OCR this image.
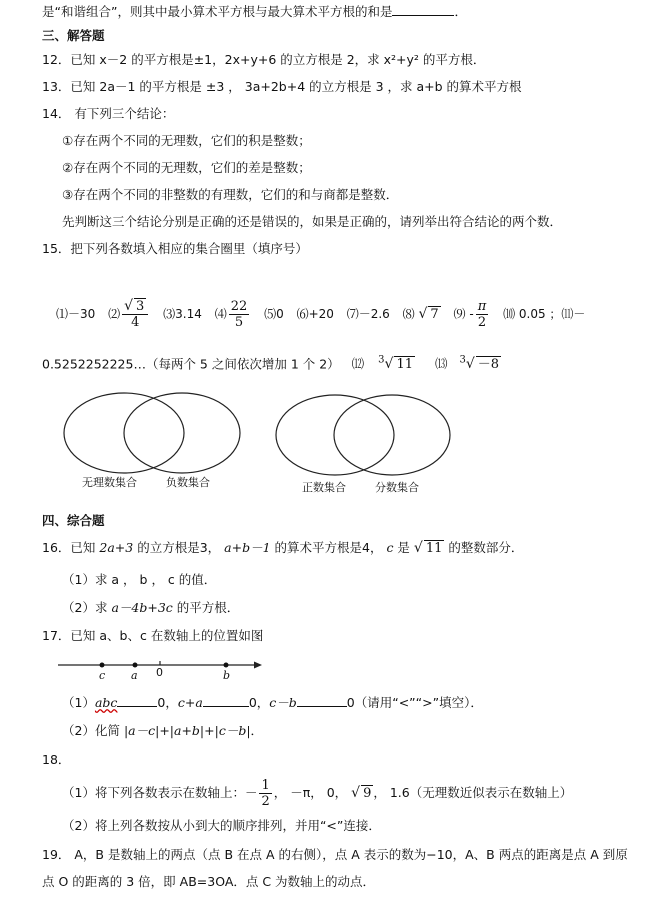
是“和谐组合”，则其中最小算术平方根与最大算术平方根的和是	．
三、解答题
12．已知 x－2 的平方根是±1，2x+y+6 的立方根是 2，求 x²+y² 的平方根．
13．已知 2a－1 的平方根是 ±3 ， 3a+2b+4 的立方根是 3 ，求 a+b 的算术平方根
14． 有下列三个结论：
①存在两个不同的无理数，它们的积是整数；
②存在两个不同的无理数，它们的差是整数；
③存在两个不同的非整数的有理数，它们的和与商都是整数．
先判断这三个结论分别是正确的还是错误的，如果是正确的，请列举出符合结论的两个数．
15．把下列各数填入相应的集合圈里（填序号）
⑴－30 ⑵ $\frac{√ 3}{4}$ ⑶3.14 ⑷ $\frac{22}{5}$ ⑸0 ⑹+20 ⑺－2.6 ⑻ √ 7 ⑼ - $\frac{\pi}{2}$ ⑽ 0.05 ；⑾－
0.5252252225…（每两个 5 之间依次增加 1 个 2） ⑿ $^3$√ 11 ⒀ $^3$√ －8
无理数集合	负数集合	正数集合	分数集合
四、综合题
16．已知 2a+3 的立方根是3， a+b－1 的算术平方根是4， c 是 √ 11 的整数部分．
（1）求 a ， b ， c 的值．
（2）求 a－4b+3c 的平方根．
17．已知 a、b、c 在数轴上的位置如图
c a 0	b
（1）abc	0，c+a	0，c－b	0（请用“<”“>”填空）．
（2）化简 |a－c|+|a+b|+|c－b|．
18．
（1）将下列各数表示在数轴上：－ $\frac{1}{2}$ ， －π， 0， √ 9 ， 1.6（无理数近似表示在数轴上）
（2）将上列各数按从小到大的顺序排列，并用“<”连接．
19． A，B 是数轴上的两点（点 B 在点 A 的右侧），点 A 表示的数为−10，A、B 两点的距离是点 A 到原
点 O 的距离的 3 倍，即 AB=3OA．点 C 为数轴上的动点．
